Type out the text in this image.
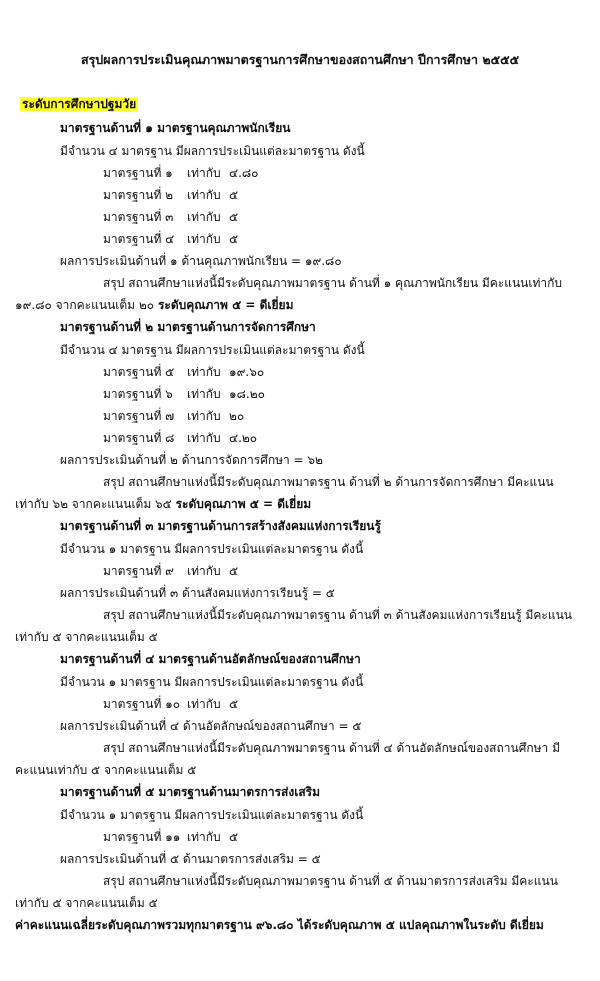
สรุปผลการประเมินคุณภาพมาตรฐานการศึกษาของสถานศึกษา ปีการศึกษา ๒๕๕๕
ระดับการศึกษาปฐมวัย
มาตรฐานด้านที่ ๑ มาตรฐานคุณภาพนักเรียน
มีจำนวน ๔ มาตรฐาน มีผลการประเมินแต่ละมาตรฐาน ดังนี้
มาตรฐานที่ ๑ เท่ากับ ๔.๘๐
มาตรฐานที่ ๒ เท่ากับ ๕
มาตรฐานที่ ๓ เท่ากับ ๕
มาตรฐานที่ ๔ เท่ากับ ๕
ผลการประเมินด้านที่ ๑ ด้านคุณภาพนักเรียน = ๑๙.๘๐
สรุป สถานศึกษาแห่งนี้มีระดับคุณภาพมาตรฐาน ด้านที่ ๑ คุณภาพนักเรียน มีคะแนนเท่ากับ
๑๙.๘๐ จากคะแนนเต็ม ๒๐ ระดับคุณภาพ ๕ = ดีเยี่ยม
มาตรฐานด้านที่ ๒ มาตรฐานด้านการจัดการศึกษา
มีจำนวน ๔ มาตรฐาน มีผลการประเมินแต่ละมาตรฐาน ดังนี้
มาตรฐานที่ ๕ เท่ากับ ๑๙.๖๐
มาตรฐานที่ ๖ เท่ากับ ๑๘.๒๐
มาตรฐานที่ ๗ เท่ากับ ๒๐
มาตรฐานที่ ๘ เท่ากับ ๔.๒๐
ผลการประเมินด้านที่ ๒ ด้านการจัดการศึกษา = ๖๒
สรุป สถานศึกษาแห่งนี้มีระดับคุณภาพมาตรฐาน ด้านที่ ๒ ด้านการจัดการศึกษา มีคะแนน
เท่ากับ ๖๒ จากคะแนนเต็ม ๖๕ ระดับคุณภาพ ๕ = ดีเยี่ยม
มาตรฐานด้านที่ ๓ มาตรฐานด้านการสร้างสังคมแห่งการเรียนรู้
มีจำนวน ๑ มาตรฐาน มีผลการประเมินแต่ละมาตรฐาน ดังนี้
มาตรฐานที่ ๙ เท่ากับ ๕
ผลการประเมินด้านที่ ๓ ด้านสังคมแห่งการเรียนรู้ = ๕
สรุป สถานศึกษาแห่งนี้มีระดับคุณภาพมาตรฐาน ด้านที่ ๓ ด้านสังคมแห่งการเรียนรู้ มีคะแนน
เท่ากับ ๕ จากคะแนนเต็ม ๕
มาตรฐานด้านที่ ๔ มาตรฐานด้านอัตลักษณ์ของสถานศึกษา
มีจำนวน ๑ มาตรฐาน มีผลการประเมินแต่ละมาตรฐาน ดังนี้
มาตรฐานที่ ๑๐ เท่ากับ ๕
ผลการประเมินด้านที่ ๔ ด้านอัตลักษณ์ของสถานศึกษา = ๕
สรุป สถานศึกษาแห่งนี้มีระดับคุณภาพมาตรฐาน ด้านที่ ๔ ด้านอัตลักษณ์ของสถานศึกษา มี
คะแนนเท่ากับ ๕ จากคะแนนเต็ม ๕
มาตรฐานด้านที่ ๕ มาตรฐานด้านมาตรการส่งเสริม
มีจำนวน ๑ มาตรฐาน มีผลการประเมินแต่ละมาตรฐาน ดังนี้
มาตรฐานที่ ๑๑ เท่ากับ ๕
ผลการประเมินด้านที่ ๕ ด้านมาตรการส่งเสริม = ๕
สรุป สถานศึกษาแห่งนี้มีระดับคุณภาพมาตรฐาน ด้านที่ ๕ ด้านมาตรการส่งเสริม มีคะแนน
เท่ากับ ๕ จากคะแนนเต็ม ๕
ค่าคะแนนเฉลี่ยระดับคุณภาพรวมทุกมาตรฐาน ๙๖.๘๐ ได้ระดับคุณภาพ ๕ แปลคุณภาพในระดับ ดีเยี่ยม
